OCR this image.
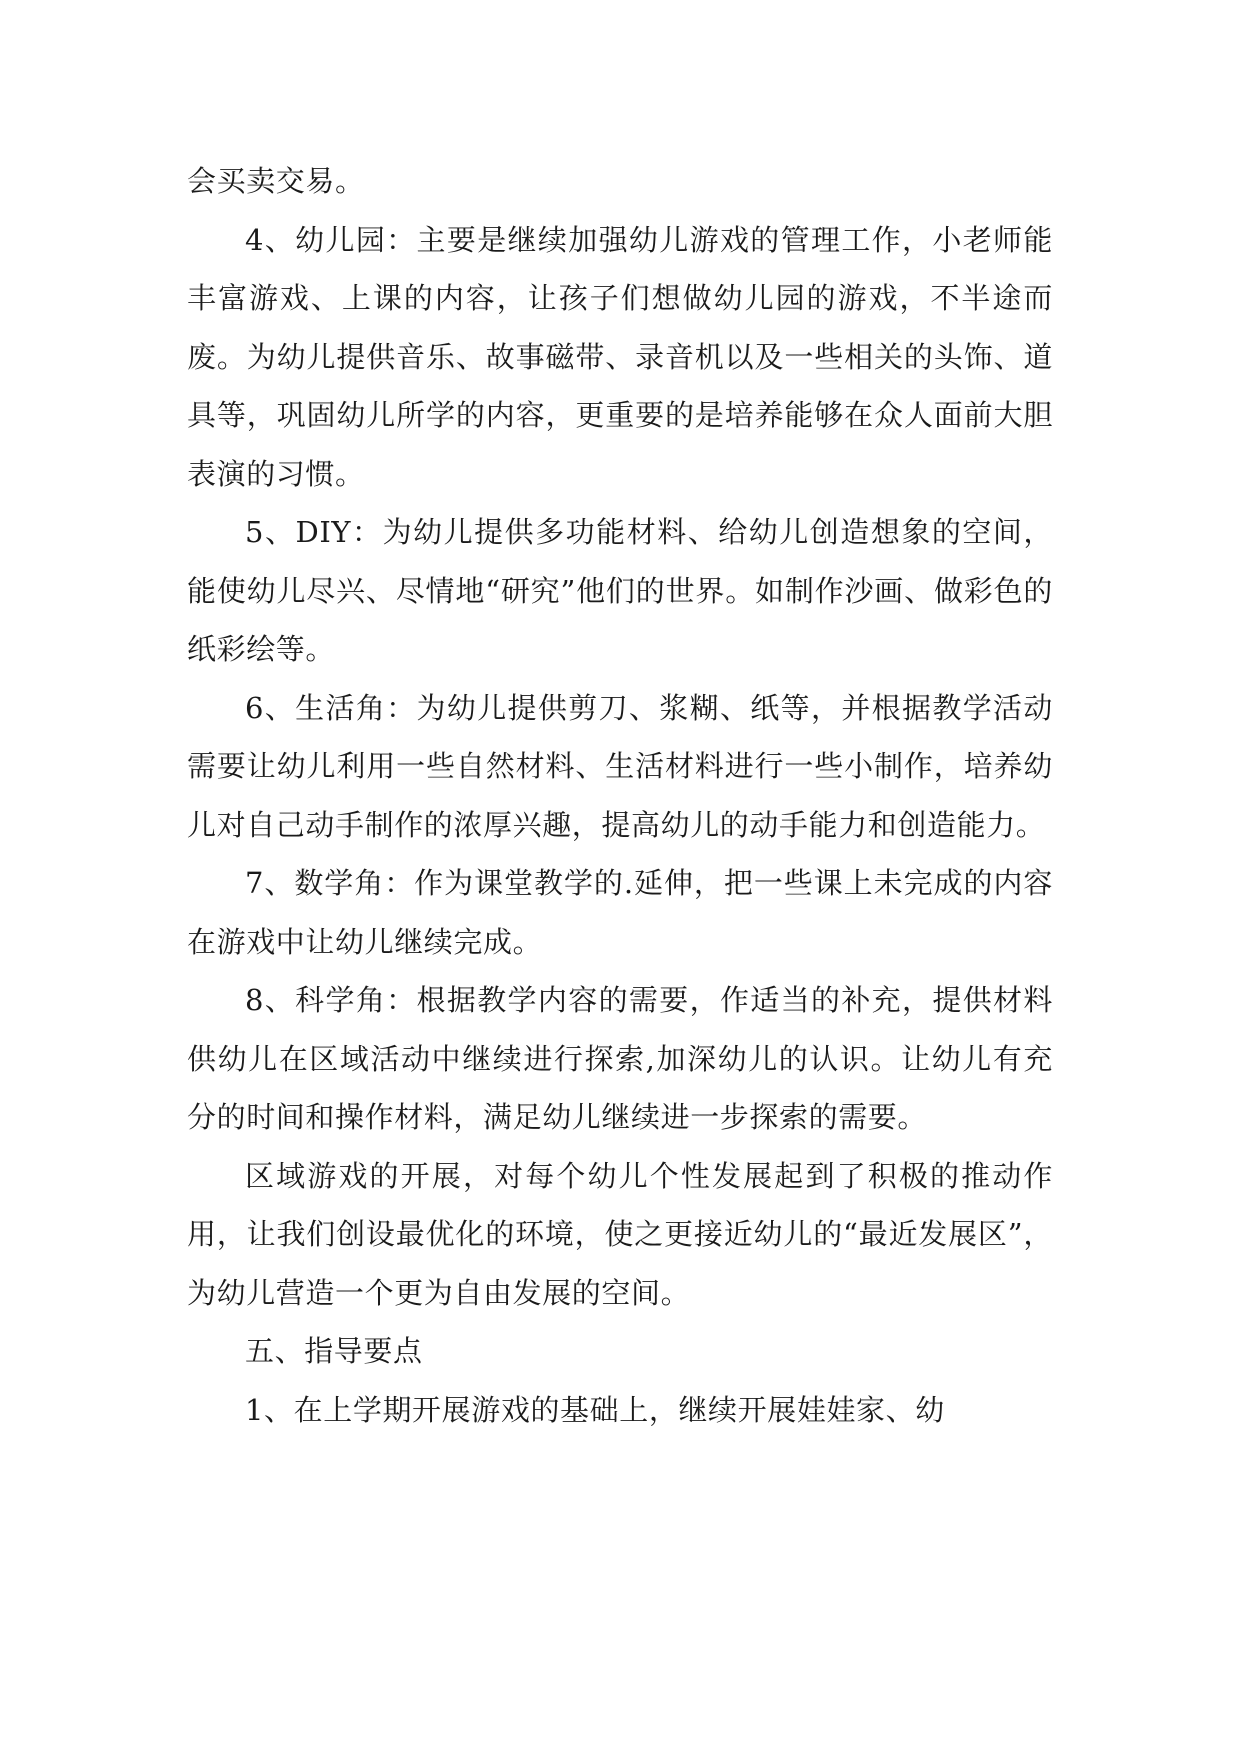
会买卖交易。

4、幼儿园：主要是继续加强幼儿游戏的管理工作，小老师能丰富游戏、上课的内容，让孩子们想做幼儿园的游戏，不半途而废。为幼儿提供音乐、故事磁带、录音机以及一些相关的头饰、道具等，巩固幼儿所学的内容，更重要的是培养能够在众人面前大胆表演的习惯。

5、DIY：为幼儿提供多功能材料、给幼儿创造想象的空间，能使幼儿尽兴、尽情地“研究”他们的世界。如制作沙画、做彩色的纸彩绘等。

6、生活角：为幼儿提供剪刀、浆糊、纸等，并根据教学活动需要让幼儿利用一些自然材料、生活材料进行一些小制作，培养幼儿对自己动手制作的浓厚兴趣，提高幼儿的动手能力和创造能力。

7、数学角：作为课堂教学的.延伸，把一些课上未完成的内容在游戏中让幼儿继续完成。

8、科学角：根据教学内容的需要，作适当的补充，提供材料供幼儿在区域活动中继续进行探索,加深幼儿的认识。让幼儿有充分的时间和操作材料，满足幼儿继续进一步探索的需要。

区域游戏的开展，对每个幼儿个性发展起到了积极的推动作用，让我们创设最优化的环境，使之更接近幼儿的“最近发展区”，为幼儿营造一个更为自由发展的空间。

五、指导要点

1、在上学期开展游戏的基础上，继续开展娃娃家、幼
